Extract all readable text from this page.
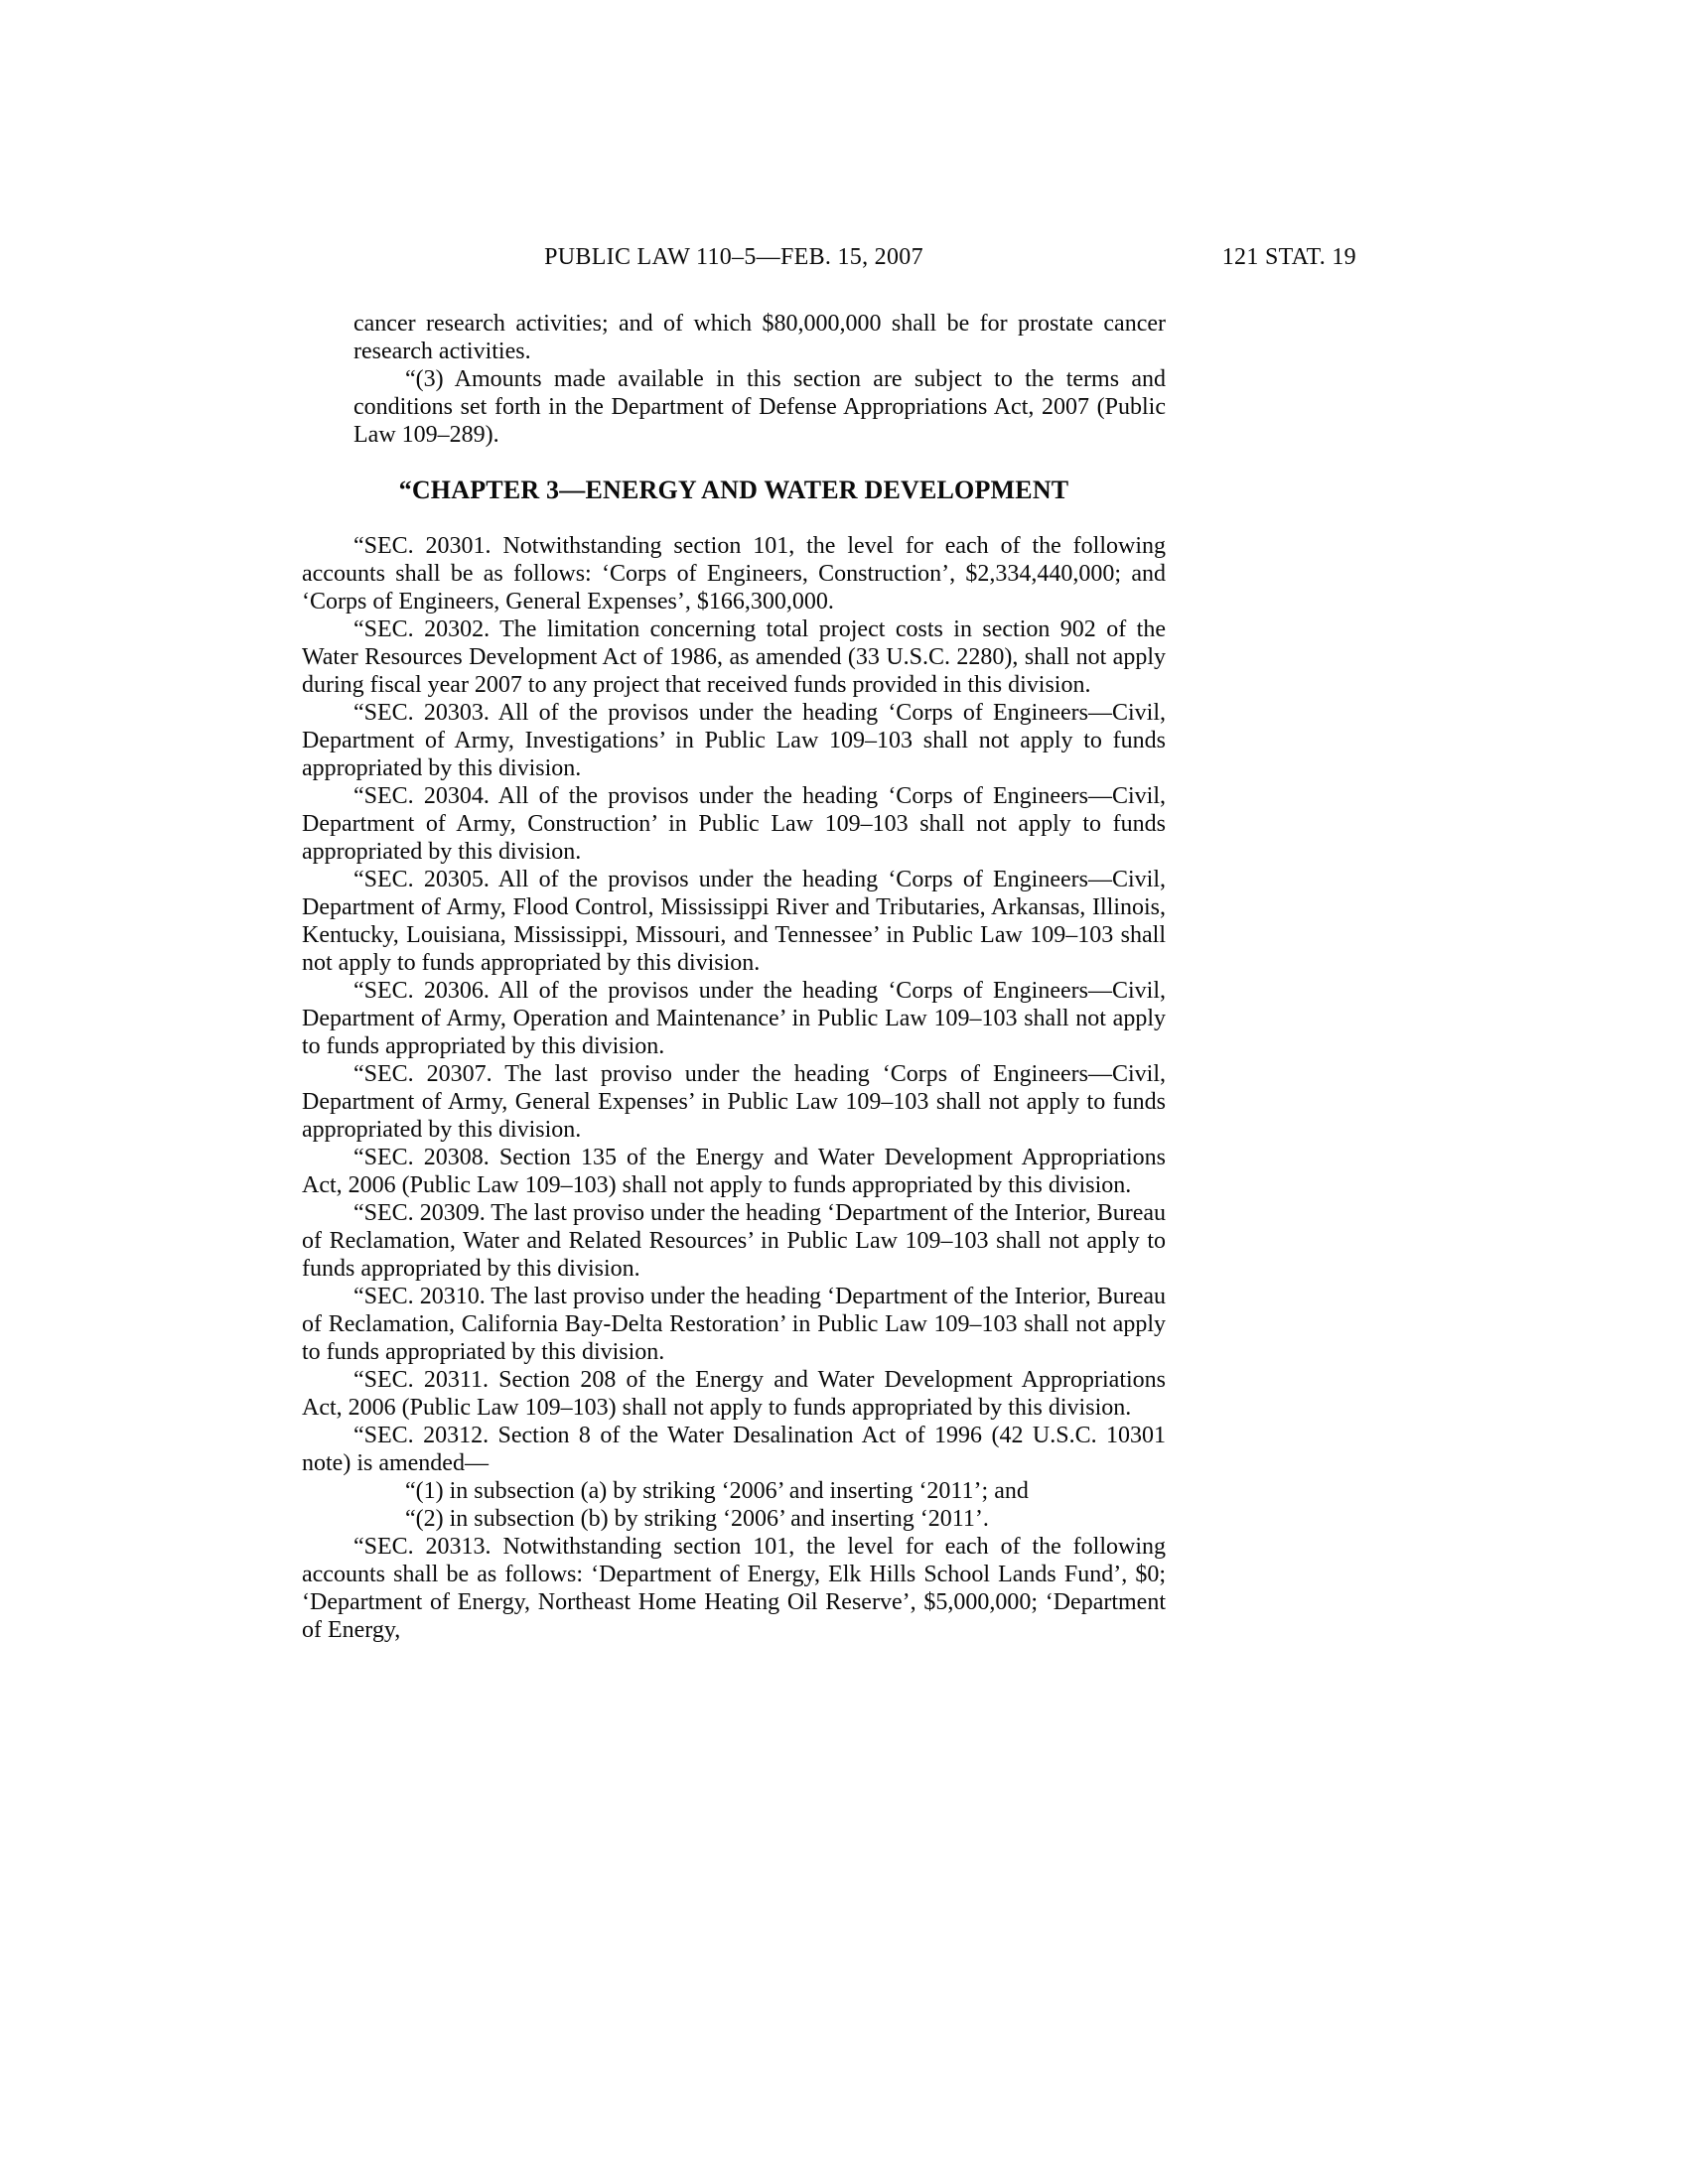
PUBLIC LAW 110–5—FEB. 15, 2007	121 STAT. 19

cancer research activities; and of which $80,000,000 shall be for prostate cancer research activities.

“(3) Amounts made available in this section are subject to the terms and conditions set forth in the Department of Defense Appropriations Act, 2007 (Public Law 109–289).

“CHAPTER 3—ENERGY AND WATER DEVELOPMENT

“SEC. 20301. Notwithstanding section 101, the level for each of the following accounts shall be as follows: ‘Corps of Engineers, Construction’, $2,334,440,000; and ‘Corps of Engineers, General Expenses’, $166,300,000.

“SEC. 20302. The limitation concerning total project costs in section 902 of the Water Resources Development Act of 1986, as amended (33 U.S.C. 2280), shall not apply during fiscal year 2007 to any project that received funds provided in this division.

“SEC. 20303. All of the provisos under the heading ‘Corps of Engineers—Civil, Department of Army, Investigations’ in Public Law 109–103 shall not apply to funds appropriated by this division.

“SEC. 20304. All of the provisos under the heading ‘Corps of Engineers—Civil, Department of Army, Construction’ in Public Law 109–103 shall not apply to funds appropriated by this division.

“SEC. 20305. All of the provisos under the heading ‘Corps of Engineers—Civil, Department of Army, Flood Control, Mississippi River and Tributaries, Arkansas, Illinois, Kentucky, Louisiana, Mississippi, Missouri, and Tennessee’ in Public Law 109–103 shall not apply to funds appropriated by this division.

“SEC. 20306. All of the provisos under the heading ‘Corps of Engineers—Civil, Department of Army, Operation and Maintenance’ in Public Law 109–103 shall not apply to funds appropriated by this division.

“SEC. 20307. The last proviso under the heading ‘Corps of Engineers—Civil, Department of Army, General Expenses’ in Public Law 109–103 shall not apply to funds appropriated by this division.

“SEC. 20308. Section 135 of the Energy and Water Development Appropriations Act, 2006 (Public Law 109–103) shall not apply to funds appropriated by this division.

“SEC. 20309. The last proviso under the heading ‘Department of the Interior, Bureau of Reclamation, Water and Related Resources’ in Public Law 109–103 shall not apply to funds appropriated by this division.

“SEC. 20310. The last proviso under the heading ‘Department of the Interior, Bureau of Reclamation, California Bay-Delta Restoration’ in Public Law 109–103 shall not apply to funds appropriated by this division.

“SEC. 20311. Section 208 of the Energy and Water Development Appropriations Act, 2006 (Public Law 109–103) shall not apply to funds appropriated by this division.

“SEC. 20312. Section 8 of the Water Desalination Act of 1996 (42 U.S.C. 10301 note) is amended—

“(1) in subsection (a) by striking ‘2006’ and inserting ‘2011’; and

“(2) in subsection (b) by striking ‘2006’ and inserting ‘2011’.

“SEC. 20313. Notwithstanding section 101, the level for each of the following accounts shall be as follows: ‘Department of Energy, Elk Hills School Lands Fund’, $0; ‘Department of Energy, Northeast Home Heating Oil Reserve’, $5,000,000; ‘Department of Energy,
